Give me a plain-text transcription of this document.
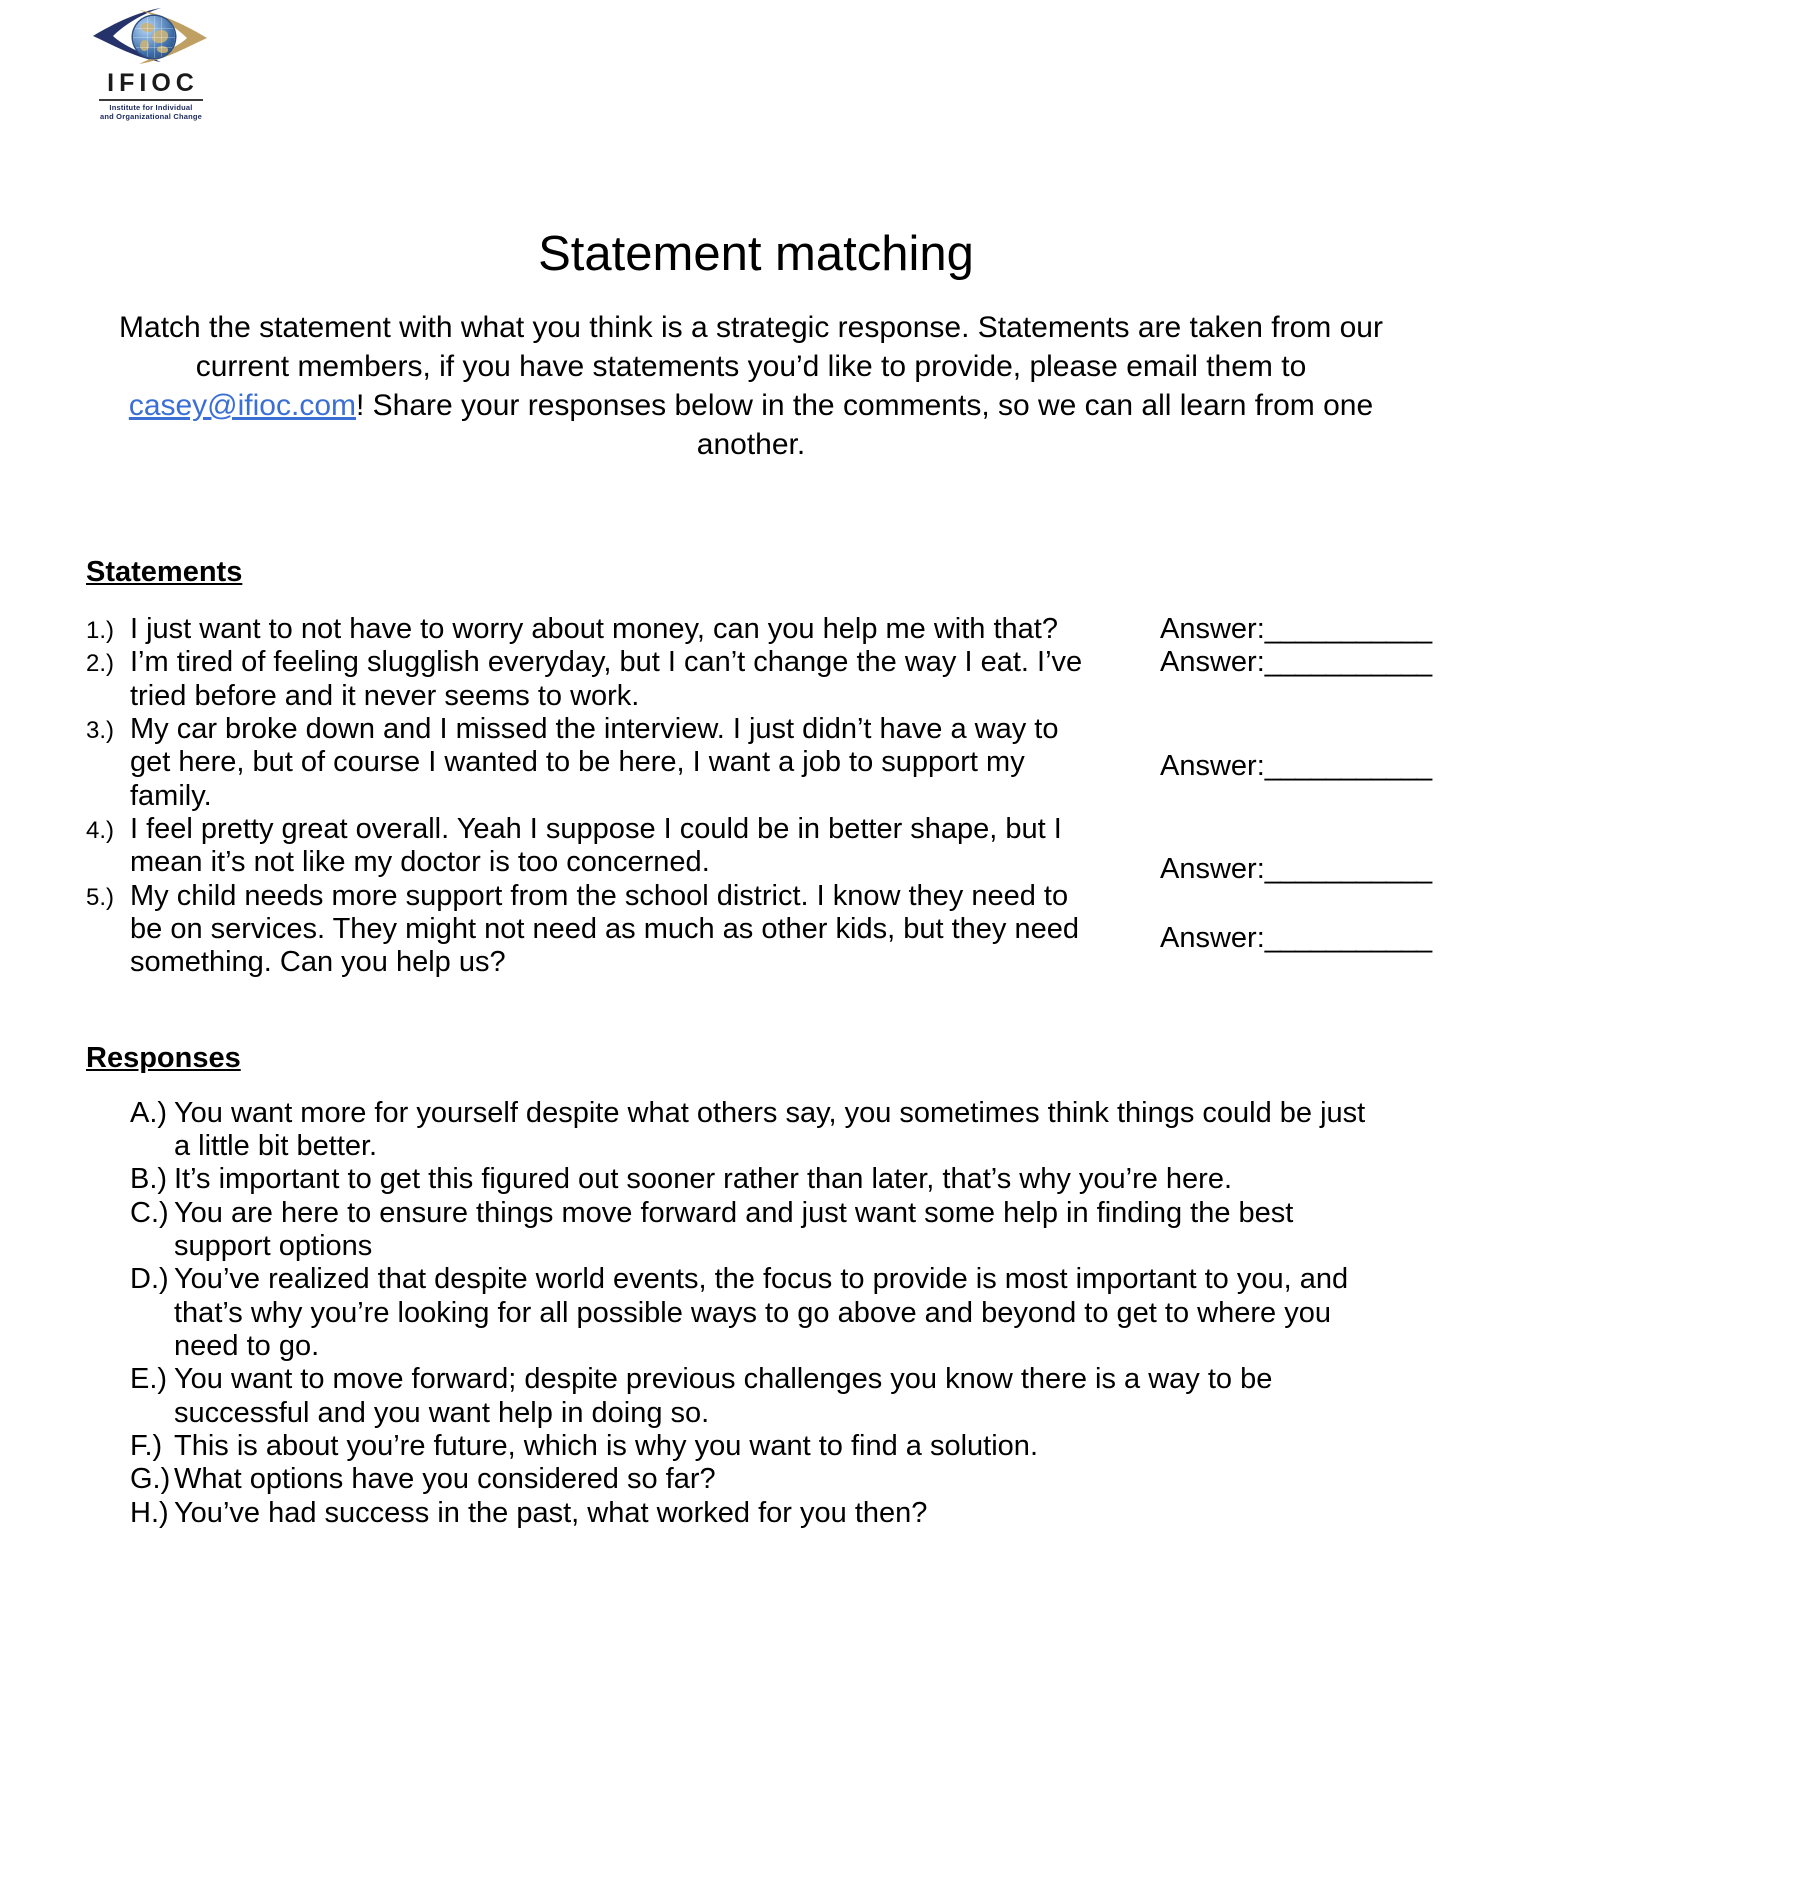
IFIOC
Institute for Individual
and Organizational Change
Statement matching

Match the statement with what you think is a strategic response. Statements are taken from our current members, if you have statements you’d like to provide, please email them to casey@ifioc.com! Share your responses below in the comments, so we can all learn from one another.

Statements
1.) I just want to not have to worry about money, can you help me with that?
2.) I’m tired of feeling slugglish everyday, but I can’t change the way I eat. I’ve tried before and it never seems to work.
3.) My car broke down and I missed the interview. I just didn’t have a way to get here, but of course I wanted to be here, I want a job to support my family.
4.) I feel pretty great overall. Yeah I suppose I could be in better shape, but I mean it’s not like my doctor is too concerned.
5.) My child needs more support from the school district. I know they need to be on services. They might not need as much as other kids, but they need something. Can you help us?
Answer:___________
Answer:___________
Answer:___________
Answer:___________
Answer:___________
Responses
A.) You want more for yourself despite what others say, you sometimes think things could be just a little bit better.
B.) It’s important to get this figured out sooner rather than later, that’s why you’re here.
C.) You are here to ensure things move forward and just want some help in finding the best support options
D.) You’ve realized that despite world events, the focus to provide is most important to you, and that’s why you’re looking for all possible ways to go above and beyond to get to where you need to go.
E.) You want to move forward; despite previous challenges you know there is a way to be successful and you want help in doing so.
F.) This is about you’re future, which is why you want to find a solution.
G.) What options have you considered so far?
H.) You’ve had success in the past, what worked for you then?
